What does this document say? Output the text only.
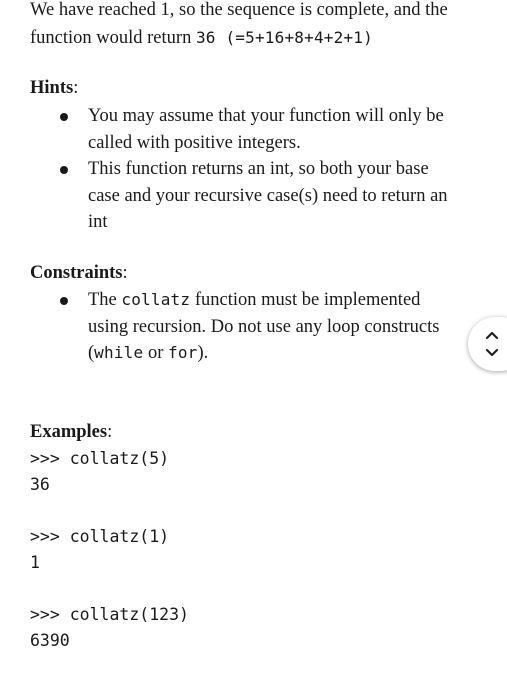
We have reached 1, so the sequence is complete, and the
function would return 36 (=5+16+8+4+2+1)

Hints:

You may assume that your function will only be
called with positive integers.
This function returns an int, so both your base
case and your recursive case(s) need to return an
int

Constraints:

The collatz function must be implemented
using recursion. Do not use any loop constructs
(while or for).

Examples:

>>> collatz(5)

36

>>> collatz(1)

1

>>> collatz(123)

6390
